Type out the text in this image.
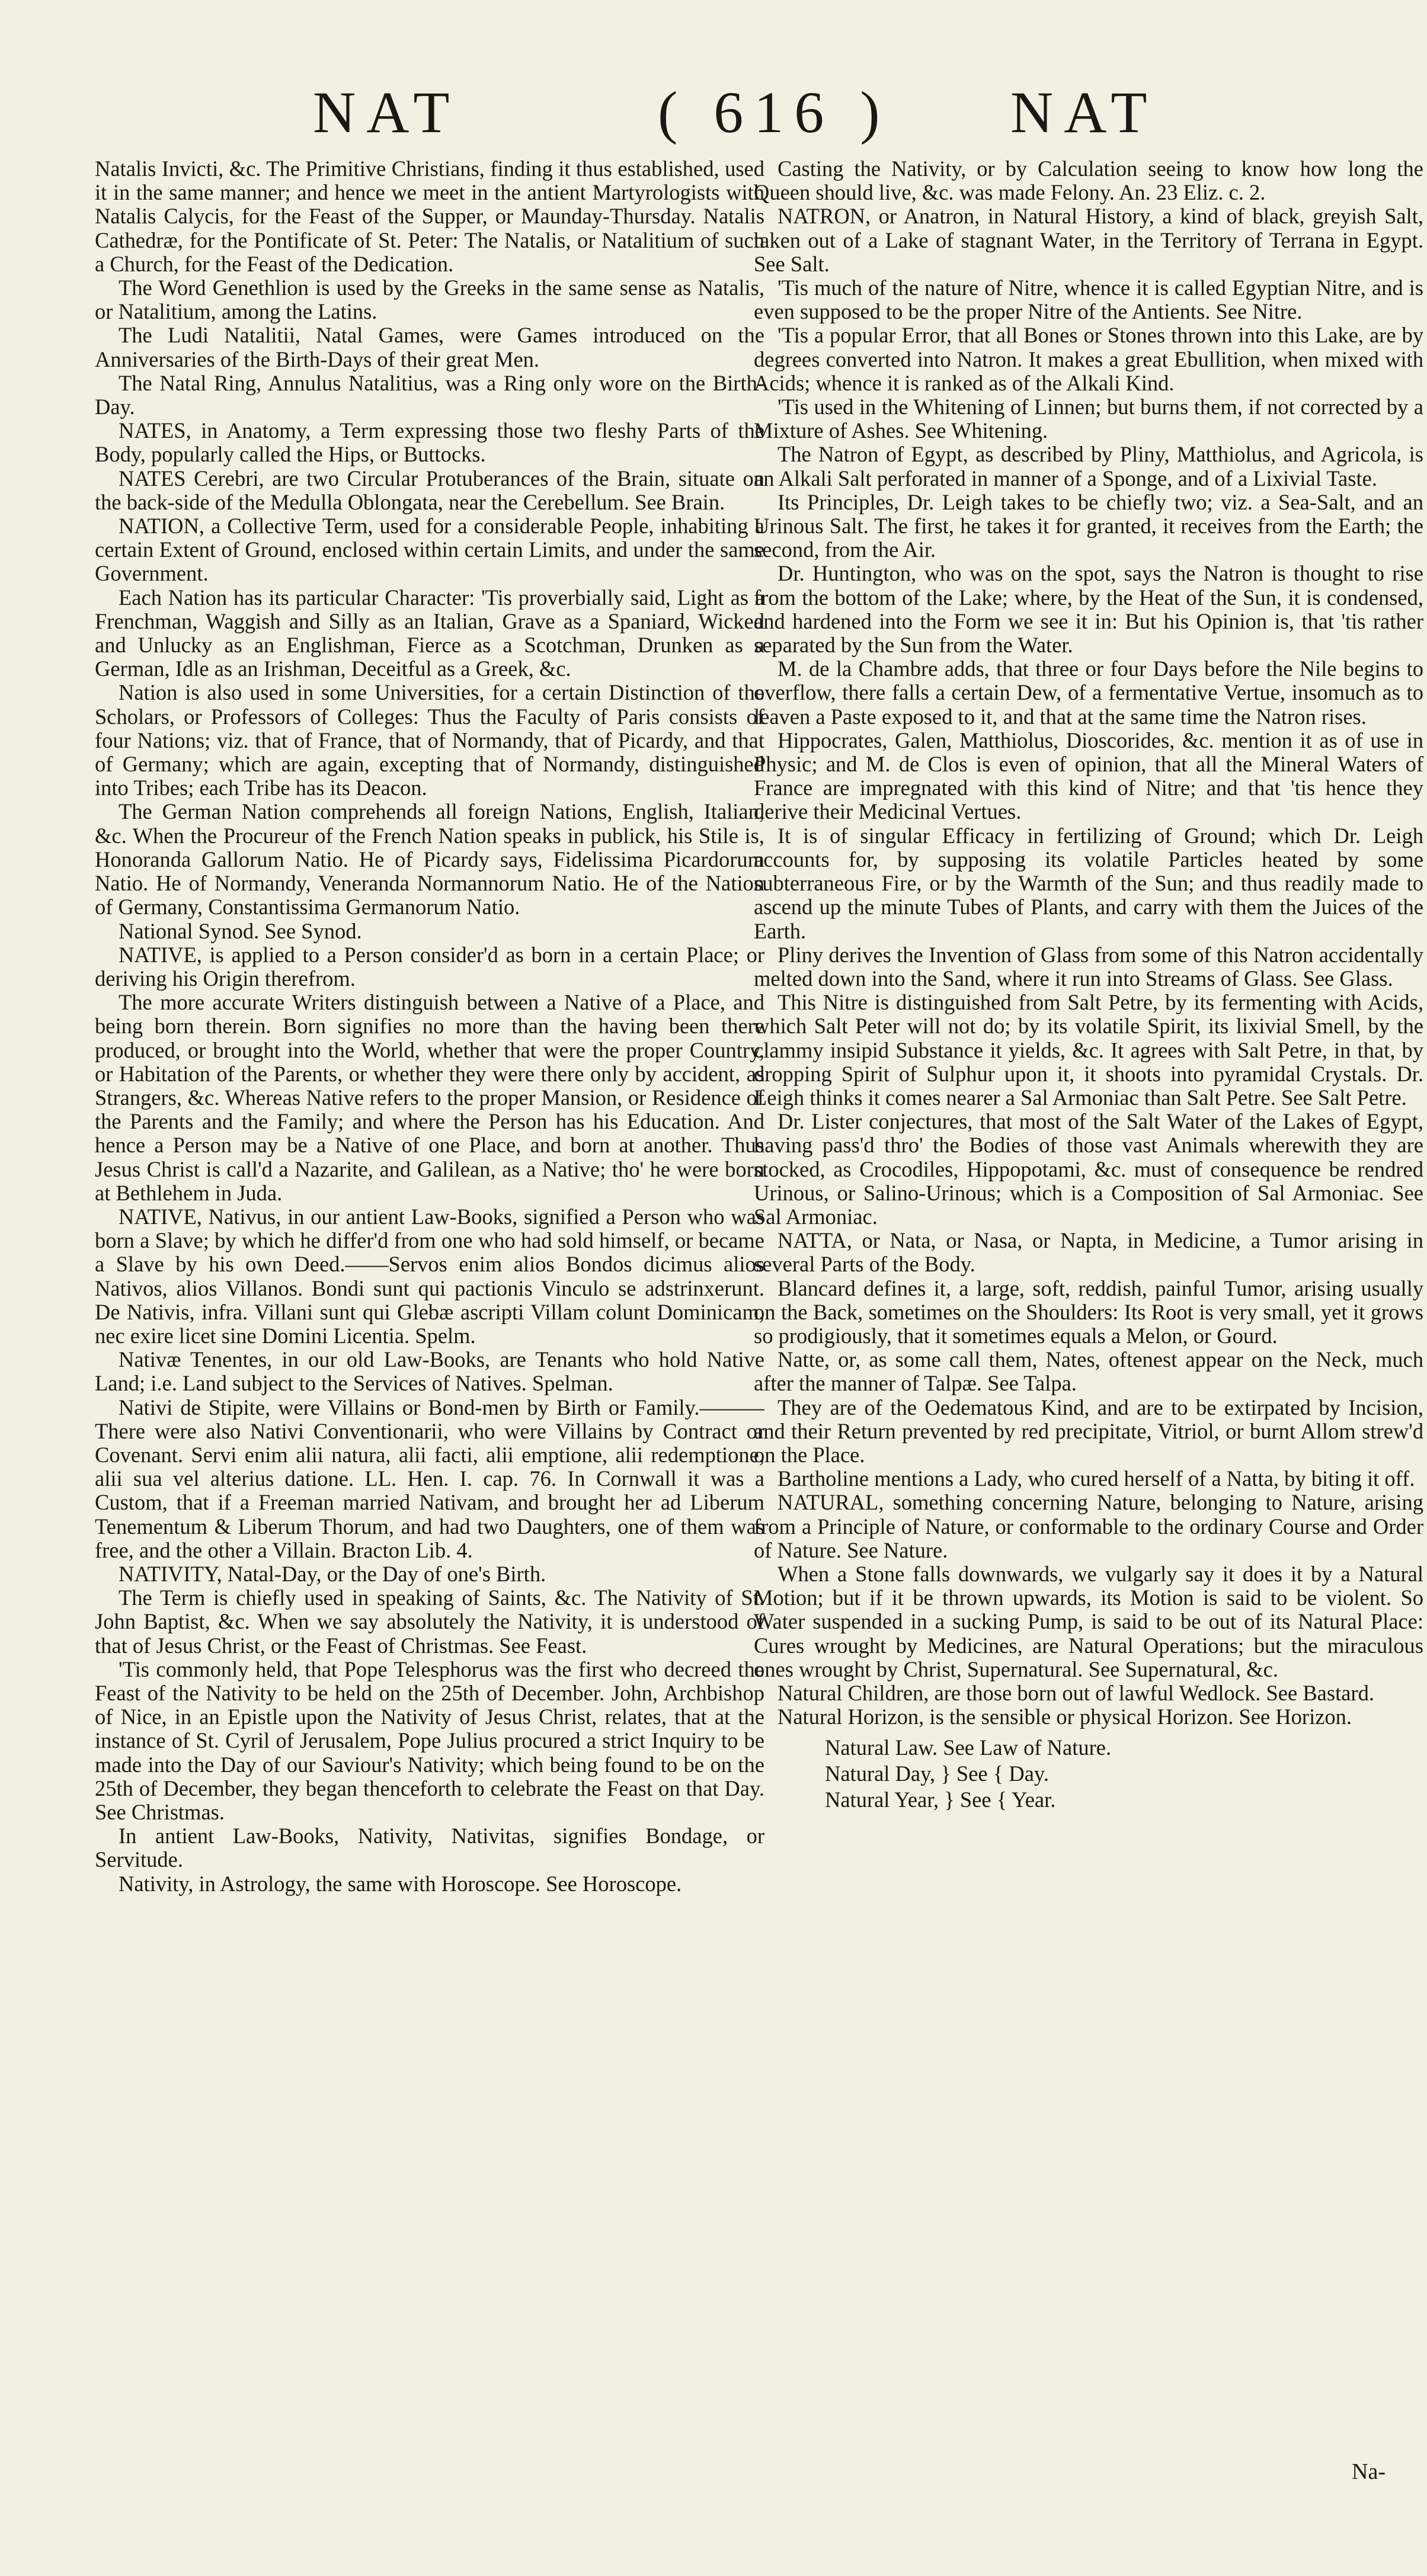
NAT	( 616 ) NAT

Natalis Invicti, &c. The Primitive Christians, finding it thus established, used it in the same manner; and hence we meet in the antient Martyrologists with Natalis Calycis, for the Feast of the Supper, or Maunday-Thursday. Natalis Cathedræ, for the Pontificate of St. Peter: The Natalis, or Natalitium of such a Church, for the Feast of the Dedication.

The Word Genethlion is used by the Greeks in the same sense as Natalis, or Natalitium, among the Latins.

The Ludi Natalitii, Natal Games, were Games introduced on the Anniversaries of the Birth-Days of their great Men.

The Natal Ring, Annulus Natalitius, was a Ring only wore on the Birth-Day.

NATES, in Anatomy, a Term expressing those two fleshy Parts of the Body, popularly called the Hips, or Buttocks.

NATES Cerebri, are two Circular Protuberances of the Brain, situate on the back-side of the Medulla Oblongata, near the Cerebellum. See Brain.

NATION, a Collective Term, used for a considerable People, inhabiting a certain Extent of Ground, enclosed within certain Limits, and under the same Government.

Each Nation has its particular Character: 'Tis proverbially said, Light as a Frenchman, Waggish and Silly as an Italian, Grave as a Spaniard, Wicked and Unlucky as an Englishman, Fierce as a Scotchman, Drunken as a German, Idle as an Irishman, Deceitful as a Greek, &c.

Nation is also used in some Universities, for a certain Distinction of the Scholars, or Professors of Colleges: Thus the Faculty of Paris consists of four Nations; viz. that of France, that of Normandy, that of Picardy, and that of Germany; which are again, excepting that of Normandy, distinguished into Tribes; each Tribe has its Deacon.

The German Nation comprehends all foreign Nations, English, Italian, &c. When the Procureur of the French Nation speaks in publick, his Stile is, Honoranda Gallorum Natio. He of Picardy says, Fidelissima Picardorum Natio. He of Normandy, Veneranda Normannorum Natio. He of the Nation of Germany, Constantissima Germanorum Natio.

National Synod. See Synod.

NATIVE, is applied to a Person consider'd as born in a certain Place; or deriving his Origin therefrom.

The more accurate Writers distinguish between a Native of a Place, and being born therein. Born signifies no more than the having been there produced, or brought into the World, whether that were the proper Country, or Habitation of the Parents, or whether they were there only by accident, as Strangers, &c. Whereas Native refers to the proper Mansion, or Residence of the Parents and the Family; and where the Person has his Education. And hence a Person may be a Native of one Place, and born at another. Thus Jesus Christ is call'd a Nazarite, and Galilean, as a Native; tho' he were born at Bethlehem in Juda.

NATIVE, Nativus, in our antient Law-Books, signified a Person who was born a Slave; by which he differ'd from one who had sold himself, or became a Slave by his own Deed.——Servos enim alios Bondos dicimus alios Nativos, alios Villanos. Bondi sunt qui pactionis Vinculo se adstrinxerunt. De Nativis, infra. Villani sunt qui Glebæ ascripti Villam colunt Dominicam, nec exire licet sine Domini Licentia. Spelm.

Nativæ Tenentes, in our old Law-Books, are Tenants who hold Native Land; i.e. Land subject to the Services of Natives. Spelman.

Nativi de Stipite, were Villains or Bond-men by Birth or Family.———There were also Nativi Conventionarii, who were Villains by Contract or Covenant. Servi enim alii natura, alii facti, alii emptione, alii redemptione, alii sua vel alterius datione. LL. Hen. I. cap. 76. In Cornwall it was a Custom, that if a Freeman married Nativam, and brought her ad Liberum Tenementum & Liberum Thorum, and had two Daughters, one of them was free, and the other a Villain. Bracton Lib. 4.

NATIVITY, Natal-Day, or the Day of one's Birth.

The Term is chiefly used in speaking of Saints, &c. The Nativity of St. John Baptist, &c. When we say absolutely the Nativity, it is understood of that of Jesus Christ, or the Feast of Christmas. See Feast.

'Tis commonly held, that Pope Telesphorus was the first who decreed the Feast of the Nativity to be held on the 25th of December. John, Archbishop of Nice, in an Epistle upon the Nativity of Jesus Christ, relates, that at the instance of St. Cyril of Jerusalem, Pope Julius procured a strict Inquiry to be made into the Day of our Saviour's Nativity; which being found to be on the 25th of December, they began thenceforth to celebrate the Feast on that Day. See Christmas.

In antient Law-Books, Nativity, Nativitas, signifies Bondage, or Servitude.

Nativity, in Astrology, the same with Horoscope. See Horoscope.

Casting the Nativity, or by Calculation seeing to know how long the Queen should live, &c. was made Felony. An. 23 Eliz. c. 2.

NATRON, or Anatron, in Natural History, a kind of black, greyish Salt, taken out of a Lake of stagnant Water, in the Territory of Terrana in Egypt. See Salt.

'Tis much of the nature of Nitre, whence it is called Egyptian Nitre, and is even supposed to be the proper Nitre of the Antients. See Nitre.

'Tis a popular Error, that all Bones or Stones thrown into this Lake, are by degrees converted into Natron. It makes a great Ebullition, when mixed with Acids; whence it is ranked as of the Alkali Kind.

'Tis used in the Whitening of Linnen; but burns them, if not corrected by a Mixture of Ashes. See Whitening.

The Natron of Egypt, as described by Pliny, Matthiolus, and Agricola, is an Alkali Salt perforated in manner of a Sponge, and of a Lixivial Taste.

Its Principles, Dr. Leigh takes to be chiefly two; viz. a Sea-Salt, and an Urinous Salt. The first, he takes it for granted, it receives from the Earth; the second, from the Air.

Dr. Huntington, who was on the spot, says the Natron is thought to rise from the bottom of the Lake; where, by the Heat of the Sun, it is condensed, and hardened into the Form we see it in: But his Opinion is, that 'tis rather separated by the Sun from the Water.

M. de la Chambre adds, that three or four Days before the Nile begins to overflow, there falls a certain Dew, of a fermentative Vertue, insomuch as to leaven a Paste exposed to it, and that at the same time the Natron rises.

Hippocrates, Galen, Matthiolus, Dioscorides, &c. mention it as of use in Physic; and M. de Clos is even of opinion, that all the Mineral Waters of France are impregnated with this kind of Nitre; and that 'tis hence they derive their Medicinal Vertues.

It is of singular Efficacy in fertilizing of Ground; which Dr. Leigh accounts for, by supposing its volatile Particles heated by some subterraneous Fire, or by the Warmth of the Sun; and thus readily made to ascend up the minute Tubes of Plants, and carry with them the Juices of the Earth.

Pliny derives the Invention of Glass from some of this Natron accidentally melted down into the Sand, where it run into Streams of Glass. See Glass.

This Nitre is distinguished from Salt Petre, by its fermenting with Acids, which Salt Peter will not do; by its volatile Spirit, its lixivial Smell, by the clammy insipid Substance it yields, &c. It agrees with Salt Petre, in that, by dropping Spirit of Sulphur upon it, it shoots into pyramidal Crystals. Dr. Leigh thinks it comes nearer a Sal Armoniac than Salt Petre. See Salt Petre.

Dr. Lister conjectures, that most of the Salt Water of the Lakes of Egypt, having pass'd thro' the Bodies of those vast Animals wherewith they are stocked, as Crocodiles, Hippopotami, &c. must of consequence be rendred Urinous, or Salino-Urinous; which is a Composition of Sal Armoniac. See Sal Armoniac.

NATTA, or Nata, or Nasa, or Napta, in Medicine, a Tumor arising in several Parts of the Body.

Blancard defines it, a large, soft, reddish, painful Tumor, arising usually on the Back, sometimes on the Shoulders: Its Root is very small, yet it grows so prodigiously, that it sometimes equals a Melon, or Gourd.

Natte, or, as some call them, Nates, oftenest appear on the Neck, much after the manner of Talpæ. See Talpa.

They are of the Oedematous Kind, and are to be extirpated by Incision, and their Return prevented by red precipitate, Vitriol, or burnt Allom strew'd on the Place.

Bartholine mentions a Lady, who cured herself of a Natta, by biting it off.

NATURAL, something concerning Nature, belonging to Nature, arising from a Principle of Nature, or conformable to the ordinary Course and Order of Nature. See Nature.

When a Stone falls downwards, we vulgarly say it does it by a Natural Motion; but if it be thrown upwards, its Motion is said to be violent. So Water suspended in a sucking Pump, is said to be out of its Natural Place: Cures wrought by Medicines, are Natural Operations; but the miraculous ones wrought by Christ, Supernatural. See Supernatural, &c.

Natural Children, are those born out of lawful Wedlock. See Bastard.

Natural Horizon, is the sensible or physical Horizon. See Horizon.

Natural Law. See Law of Nature.
Natural Day, } See { Day.
Natural Year, } See { Year.
Na-
